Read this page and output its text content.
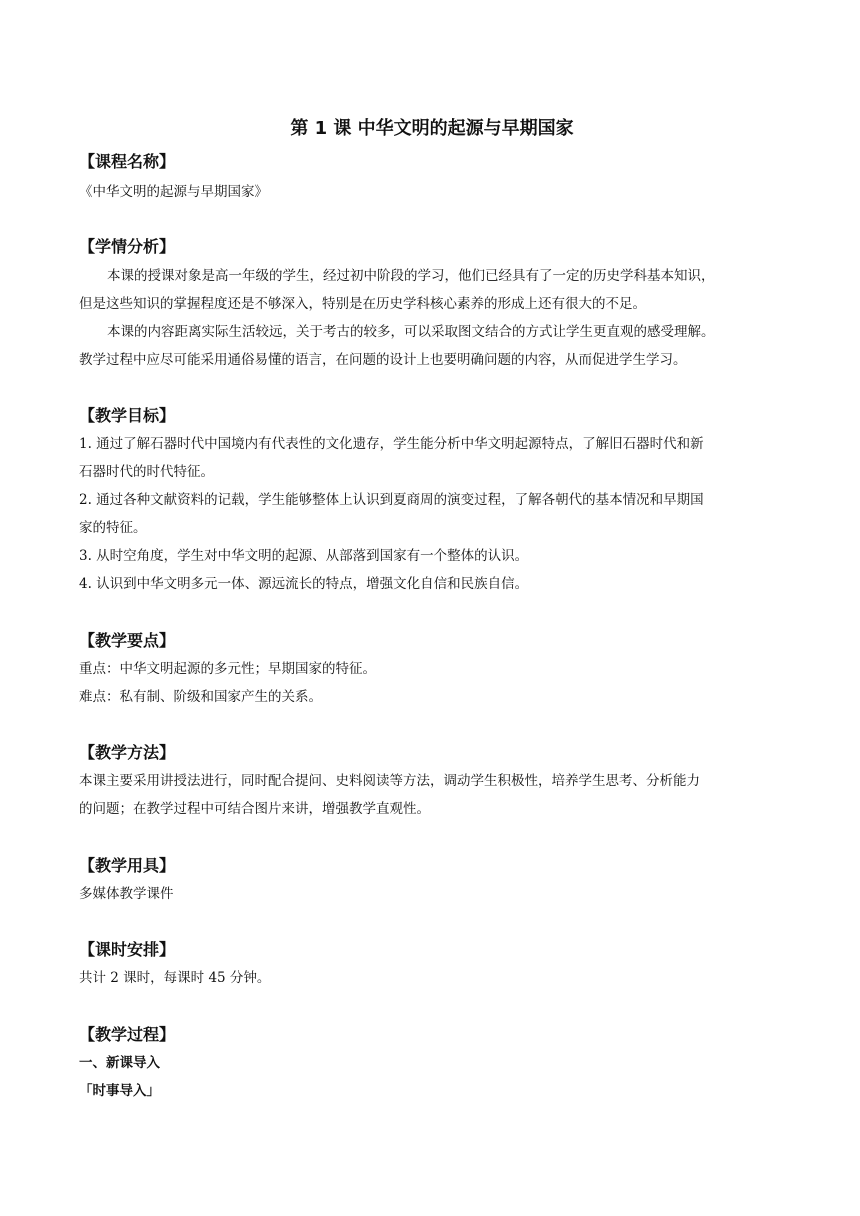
第 1 课 中华文明的起源与早期国家
【课程名称】

《中华文明的起源与早期国家》

【学情分析】

本课的授课对象是高一年级的学生，经过初中阶段的学习，他们已经具有了一定的历史学科基本知识，

但是这些知识的掌握程度还是不够深入，特别是在历史学科核心素养的形成上还有很大的不足。

本课的内容距离实际生活较远，关于考古的较多，可以采取图文结合的方式让学生更直观的感受理解。

教学过程中应尽可能采用通俗易懂的语言，在问题的设计上也要明确问题的内容，从而促进学生学习。

【教学目标】

1. 通过了解石器时代中国境内有代表性的文化遗存，学生能分析中华文明起源特点，了解旧石器时代和新

石器时代的时代特征。

2. 通过各种文献资料的记载，学生能够整体上认识到夏商周的演变过程，了解各朝代的基本情况和早期国

家的特征。

3. 从时空角度，学生对中华文明的起源、从部落到国家有一个整体的认识。

4. 认识到中华文明多元一体、源远流长的特点，增强文化自信和民族自信。

【教学要点】

重点：中华文明起源的多元性；早期国家的特征。

难点：私有制、阶级和国家产生的关系。

【教学方法】

本课主要采用讲授法进行，同时配合提问、史料阅读等方法，调动学生积极性，培养学生思考、分析能力

的问题；在教学过程中可结合图片来讲，增强教学直观性。

【教学用具】

多媒体教学课件

【课时安排】

共计 2 课时，每课时 45 分钟。

【教学过程】

一、新课导入

「时事导入」
